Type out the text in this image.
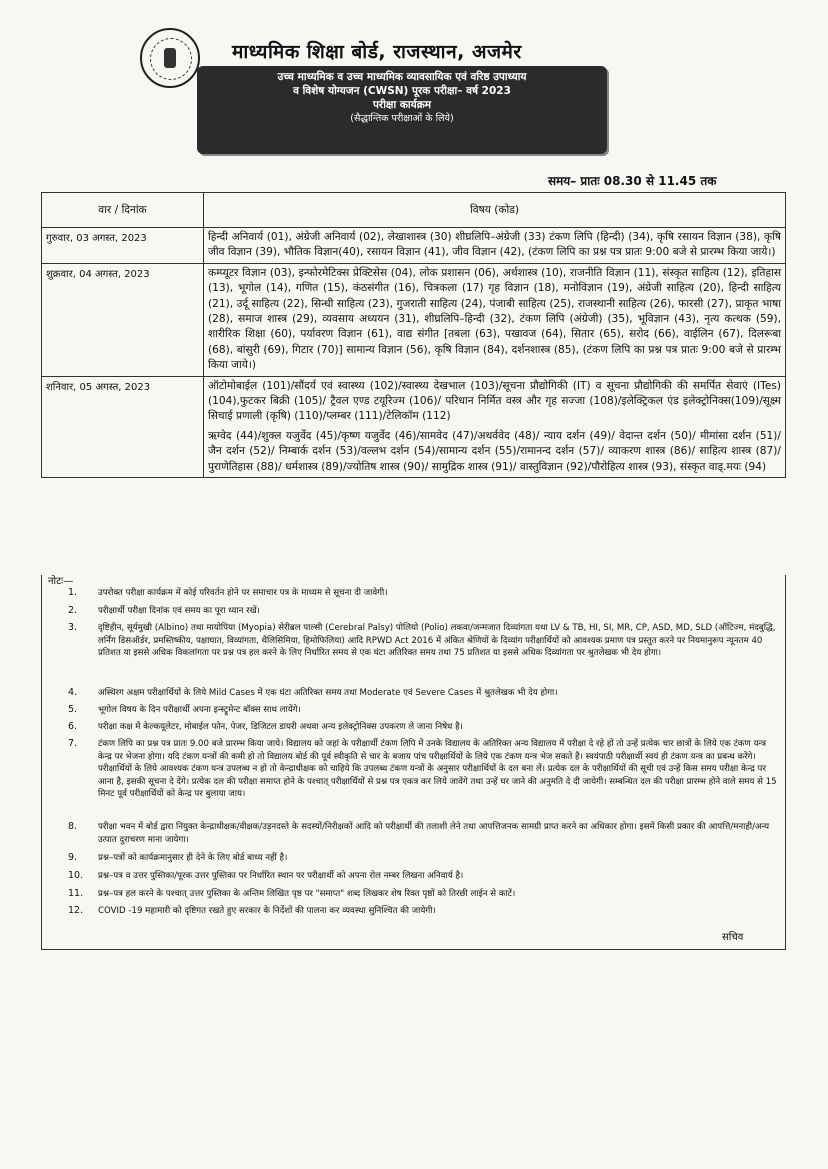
माध्यमिक शिक्षा बोर्ड, राजस्थान, अजमेर
उच्च माध्यमिक व उच्च माध्यमिक व्यावसायिक एवं वरिष्ठ उपाध्याय
व विशेष योग्यजन (CWSN) पूरक परीक्षा– वर्ष 2023
परीक्षा कार्यक्रम
(सैद्धान्तिक परीक्षाओं के लिये)
समय– प्रातः 08.30 से 11.45 तक
वार / दिनांक	विषय (कोड)
गुरुवार, 03 अगस्त, 2023	हिन्दी अनिवार्य (01), अंग्रेजी अनिवार्य (02), लेखाशास्त्र (30) शीघ्रलिपि–अंग्रेजी (33) टंकण लिपि (हिन्दी) (34), कृषि रसायन विज्ञान (38), कृषि जीव विज्ञान (39), भौतिक विज्ञान(40), रसायन विज्ञान (41), जीव विज्ञान (42), (टंकण लिपि का प्रश्न पत्र प्रातः 9:00 बजे से प्रारम्भ किया जाये।)
शुक्रवार, 04 अगस्त, 2023	कम्प्यूटर विज्ञान (03), इन्फोरमेटिक्स प्रेक्टिसेस (04), लोक प्रशासन (06), अर्थशास्त्र (10), राजनीति विज्ञान (11), संस्कृत साहित्य (12), इतिहास (13), भूगोल (14), गणित (15), कंठसंगीत (16), चित्रकला (17) गृह विज्ञान (18), मनोविज्ञान (19), अंग्रेजी साहित्य (20), हिन्दी साहित्य (21), उर्दू साहित्य (22), सिन्धी साहित्य (23), गुजराती साहित्य (24), पंजाबी साहित्य (25), राजस्थानी साहित्य (26), फारसी (27), प्राकृत भाषा (28), समाज शास्त्र (29), व्यवसाय अध्ययन (31), शीघ्रलिपि–हिन्दी (32), टंकण लिपि (अंग्रेजी) (35), भूविज्ञान (43), नृत्य कत्थक (59), शारीरिक शिक्षा (60), पर्यावरण विज्ञान (61), वाद्य संगीत [तबला (63), पखावज (64), सितार (65), सरोद (66), वाईलिन (67), दिलरूबा (68), बांसुरी (69), गिटार (70)] सामान्य विज्ञान (56), कृषि विज्ञान (84), दर्शनशास्त्र (85), (टंकण लिपि का प्रश्न पत्र प्रातः 9:00 बजे से प्रारम्भ किया जाये।)
शनिवार, 05 अगस्त, 2023	ऑटोमोबाईल (101)/सौंदर्य एवं स्वास्थ्य (102)/स्वास्थ्य देखभाल (103)/सूचना प्रौद्योगिकी (IT) व सूचना प्रौद्योगिकी की समर्पित सेवाएं (ITes)(104),फुटकर बिक्री (105)/ ट्रैवल एण्ड टयूरिज्म (106)/ परिधान निर्मित वस्त्र और गृह सज्जा (108)/इलेक्ट्रिकल एंड इलेक्ट्रोनिक्स(109)/सूक्ष्म सिचाई प्रणाली (कृषि) (110)/प्लम्बर (111)/टेलिकॉम (112)
ऋग्वेद (44)/शुक्ल यजुर्वेद (45)/कृष्ण यजुर्वेद (46)/सामवेद (47)/अथर्ववेद (48)/ न्याय दर्शन (49)/ वेदान्त दर्शन (50)/ मीमांसा दर्शन (51)/ जैन दर्शन (52)/ निम्बार्क दर्शन (53)/वल्लभ दर्शन (54)/सामान्य दर्शन (55)/रामानन्द दर्शन (57)/ व्याकरण शास्त्र (86)/ साहित्य शास्त्र (87)/पुराणेतिहास (88)/ धर्मशास्त्र (89)/ज्योतिष शास्त्र (90)/ सामुद्रिक शास्त्र (91)/ वास्तुविज्ञान (92)/पौरोहित्य शास्त्र (93), संस्कृत वाड्.मयः (94)
नोटः—
1.	उपरोक्त परीक्षा कार्यक्रम में कोई परिवर्तन होने पर समाचार पत्र के माध्यम से सूचना दी जावेगी।
2.	परीक्षार्थी परीक्षा दिनांक एवं समय का पूरा ध्यान रखें।
3.	दृष्टिहीन, सूर्यमुखी (Albino) तथा मायोपिया (Myopia) सेरीब्रल पाल्सी (Cerebral Palsy) पोलियो (Polio) लकवा/जन्मजात दिव्यांगता यथा LV & TB, HI, SI, MR, CP, ASD, MD, SLD (ऑटिज्म, मंदबुद्धि, लर्निंग डिसऑर्डर, प्रमस्तिष्कीय, पक्षाघात, विव्यांगता, थैलिसिमिया, हिमोफिलिया) आदि RPWD Act 2016 में अंकित श्रेणियों के दिव्यांग परीक्षार्थियों को आवश्यक प्रमाण पत्र प्रस्तुत करने पर नियमानुरूप न्यूनतम 40 प्रतिशत या इससे अधिक विकलांगता पर प्रश्न पत्र हल करने के लिए निर्धारित समय से एक घंटा अतिरिक्त समय तथा 75 प्रतिशत या इससे अधिक दिव्यांगता पर श्रुतलेखक भी देय होगा।
4.	अस्थिरग अक्षम परीक्षार्थियों के लिये Mild Cases में एक घंटा अतिरिक्त समय तथा Moderate एवं Severe Cases में श्रुतलेखक भी देय होगा।
5.	भूगोल विषय के दिन परीक्षार्थी अपना इन्स्ट्रूमेन्ट बॉक्स साथ लायेंगे।
6.	परीक्षा कक्ष में केल्कयूलेटर, मोबाईल फोन, पेजर, डिजिटल डायरी अथवा अन्य इलेक्ट्रोनिक्स उपकरण ले जाना निषेध है।
7.	टंकण लिपि का प्रश्न पत्र प्रातः 9.00 बजे प्रारम्भ किया जाये। विद्यालय को जहां के परीक्षार्थी टंकण लिपि में उनके विद्यालय के अतिरिक्त अन्य विद्यालय में परीक्षा दे रहे हों तो उन्हें प्रत्येक चार छात्रों के लिये एक टंकण यन्त्र केन्द्र पर भेजना होगा। यदि टंकण यन्त्रों की कमी हो तो विद्यालय बोर्ड की पूर्व स्वीकृति से चार के बजाय पांच परीक्षार्थियों के लिये एक टंकण यन्त्र भेज सकते है। स्वयंपाठी परीक्षार्थी स्वयं ही टंकण यन्त्र का प्रबन्ध करेंगे। परीक्षार्थियों के लिये आवश्यक टंकण यन्त्र उपलब्ध न हो तो केन्द्राधीक्षक को चाहिये कि उपलब्ध टंकण यन्त्रों के अनुसार परीक्षार्थियों के दल बना लें। प्रत्येक दल के परीक्षार्थियों की सूची एवं उन्हें किस समय परीक्षा केन्द्र पर आना है, इसकी सूचना दे देंगे। प्रत्येक दल की परीक्षा समाप्त होने के पश्चात् परीक्षार्थियों से प्रश्न पत्र एकत्र कर लिये जावेंगे तथा उन्हें घर जाने की अनुमति दे दी जायेगी। सम्बन्धित दल की परीक्षा प्रारम्भ होने वाले समय से 15 मिनट पूर्व परीक्षार्थियों को केन्द्र पर बुलाया जाय।
8.	परीक्षा भवन में बोर्ड द्वारा नियुक्त केन्द्राधीक्षक/वीक्षक/उड़नदस्ते के सदस्यों/निरीक्षकों आदि को परीक्षार्थी की तलाशी लेने तथा आपत्तिजनक सामग्री प्राप्त करने का अधिकार होगा। इसमें किसी प्रकार की आपत्ति/मनाही/अन्य उत्पात दुराचरण माना जायेगा।
9.	प्रश्न–पत्रों को कार्यक्रमानुसार ही देने के लिए बोर्ड बाध्य नहीं है।
10.	प्रश्न–पत्र व उत्तर पुस्तिका/पूरक उत्तर पुस्तिका पर निर्धारित स्थान पर परीक्षार्थी को अपना रोल नम्बर लिखना अनिवार्य है।
11.	प्रश्न–पत्र हल करने के पश्चात् उत्तर पुस्तिका के अन्तिम लिखित पृष्ठ पर "समाप्त" शब्द लिखकर शेष रिक्त पृष्ठों को तिरछी लाईन से काटें।
12.	COVID -19 महामारी को दृष्टिगत रखते हुए सरकार के निर्देशों की पालना कर व्यवस्था सुनिश्चित की जायेगी।
सचिव
